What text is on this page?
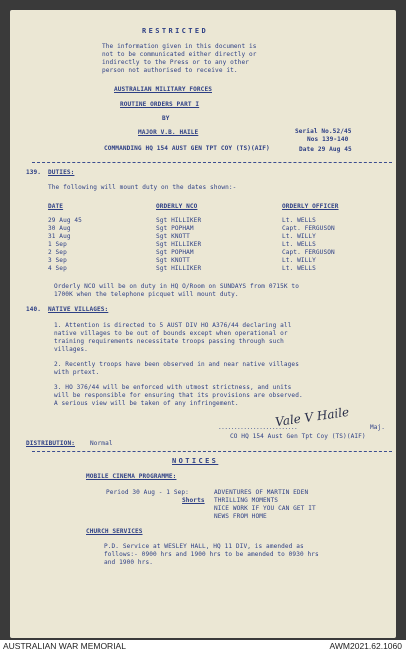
RESTRICTED
The information given in this document is
not to be communicated either directly or
indirectly to the Press or to any other
person not authorised to receive it.
AUSTRALIAN MILITARY FORCES
ROUTINE ORDERS PART I
BY
MAJOR V.B. HAILE
COMMANDING HQ 154 AUST GEN TPT COY (TS)(AIF)
Serial No.52/45
Nos 139-140
Date 29 Aug 45
139. DUTIES:
The following will mount duty on the dates shown:-
DATE	ORDERLY NCO	ORDERLY OFFICER
29 Aug 45	Sgt HILLIKER	Lt. WELLS
30 Aug	Sgt POPHAM	Capt. FERGUSON
31 Aug	Sgt KNOTT	Lt. WILLY
1 Sep	Sgt HILLIKER	Lt. WELLS
2 Sep	Sgt POPHAM	Capt. FERGUSON
3 Sep	Sgt KNOTT	Lt. WILLY
4 Sep	Sgt HILLIKER	Lt. WELLS
Orderly NCO will be on duty in HQ O/Room on SUNDAYS from 0715K to
1700K when the telephone picquet will mount duty.
140. NATIVE VILLAGES:
1. Attention is directed to 5 AUST DIV HO A376/44 declaring all
native villages to be out of bounds except when operational or
training requirements necessitate troops passing through such
villages.
2. Recently troops have been observed in and near native villages
with prtext.
3. HO 376/44 will be enforced with utmost strictness, and units
will be responsible for ensuring that its provisions are observed.
A serious view will be taken of any infringement.
Vale V Haile
.........................	Maj.
CO HQ 154 Aust Gen Tpt Coy (TS)(AIF)
DISTRIBUTION: Normal
NOTICES
MOBILE CINEMA PROGRAMME:
Period 30 Aug - 1 Sep:	ADVENTURES OF MARTIN EDEN
Shorts THRILLING MOMENTS
NICE WORK IF YOU CAN GET IT
NEWS FROM HOME
CHURCH SERVICES
P.D. Service at WESLEY HALL, HQ 11 DIV, is amended as
follows:- 0900 hrs and 1900 hrs to be amended to 0930 hrs
and 1900 hrs.
AUSTRALIAN WAR MEMORIAL	AWM2021.62.1060
